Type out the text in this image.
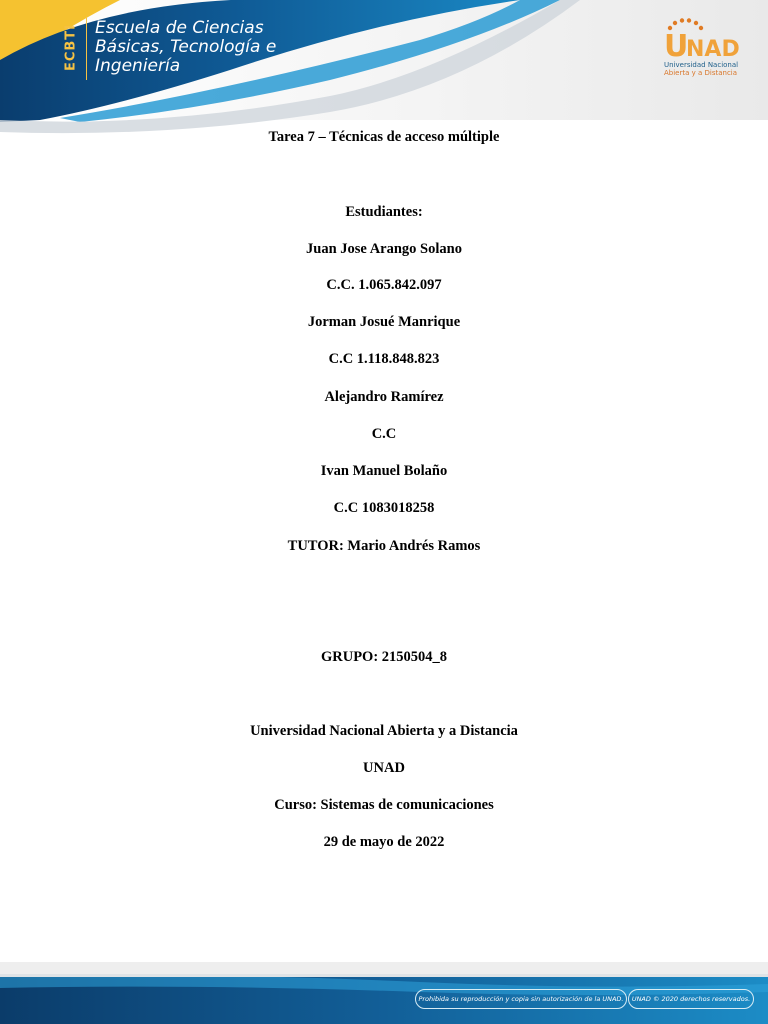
ECBTI Escuela de Ciencias
Básicas, Tecnología e
Ingeniería
U
NAD
Universidad Nacional
Abierta y a Distancia
Tarea 7 – Técnicas de acceso múltiple
Estudiantes:
Juan Jose Arango Solano
C.C. 1.065.842.097
Jorman Josué Manrique
C.C 1.118.848.823
Alejandro Ramírez
C.C
Ivan Manuel Bolaño
C.C 1083018258
TUTOR: Mario Andrés Ramos
GRUPO: 2150504_8
Universidad Nacional Abierta y a Distancia
UNAD
Curso: Sistemas de comunicaciones
29 de mayo de 2022
Prohibida su reproducción y copia sin autorización de la UNAD.	UNAD © 2020 derechos reservados.
